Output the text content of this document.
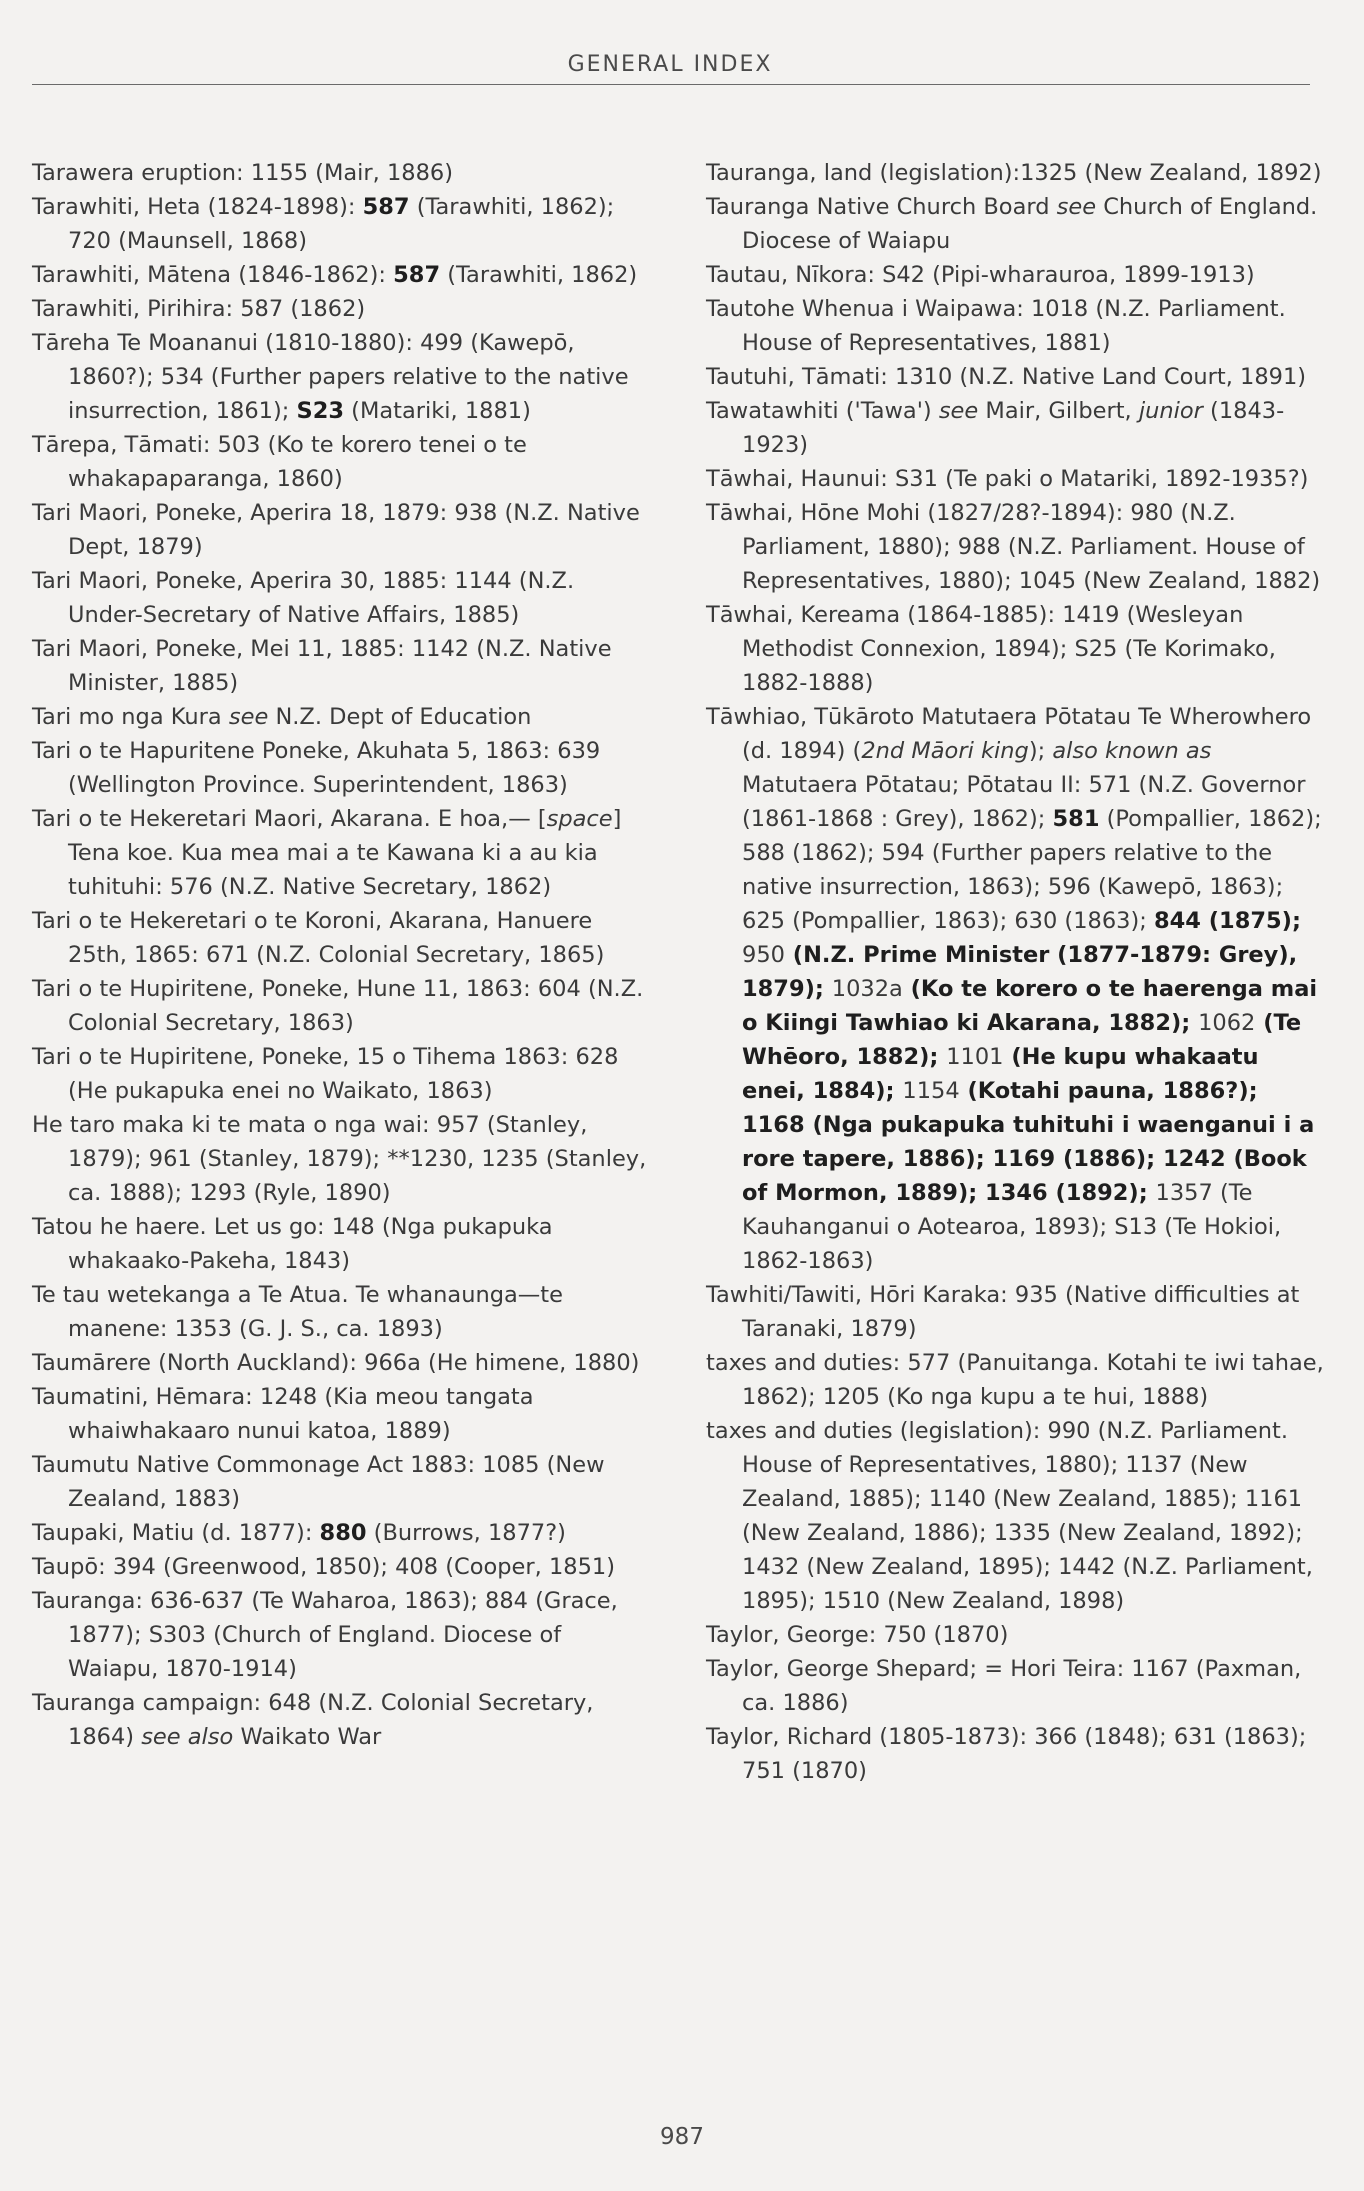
GENERAL INDEX

Tarawera eruption: 1155 (Mair, 1886)

Tarawhiti, Heta (1824-1898): 587 (Tarawhiti, 1862); 720 (Maunsell, 1868)

Tarawhiti, Mātena (1846-1862): 587 (Tarawhiti, 1862)

Tarawhiti, Pirihira: 587 (1862)

Tāreha Te Moananui (1810-1880): 499 (Kawepō, 1860?); 534 (Further papers relative to the native insurrection, 1861); S23 (Matariki, 1881)

Tārepa, Tāmati: 503 (Ko te korero tenei o te whakapaparanga, 1860)

Tari Maori, Poneke, Aperira 18, 1879: 938 (N.Z. Native Dept, 1879)

Tari Maori, Poneke, Aperira 30, 1885: 1144 (N.Z. Under-Secretary of Native Affairs, 1885)

Tari Maori, Poneke, Mei 11, 1885: 1142 (N.Z. Native Minister, 1885)

Tari mo nga Kura see N.Z. Dept of Education

Tari o te Hapuritene Poneke, Akuhata 5, 1863: 639 (Wellington Province. Superintendent, 1863)

Tari o te Hekeretari Maori, Akarana. E hoa,— [space] Tena koe. Kua mea mai a te Kawana ki a au kia tuhituhi: 576 (N.Z. Native Secretary, 1862)

Tari o te Hekeretari o te Koroni, Akarana, Hanuere 25th, 1865: 671 (N.Z. Colonial Secretary, 1865)

Tari o te Hupiritene, Poneke, Hune 11, 1863: 604 (N.Z. Colonial Secretary, 1863)

Tari o te Hupiritene, Poneke, 15 o Tihema 1863: 628 (He pukapuka enei no Waikato, 1863)

He taro maka ki te mata o nga wai: 957 (Stanley, 1879); 961 (Stanley, 1879); **1230, 1235 (Stanley, ca. 1888); 1293 (Ryle, 1890)

Tatou he haere. Let us go: 148 (Nga pukapuka whakaako-Pakeha, 1843)

Te tau wetekanga a Te Atua. Te whanaunga—te manene: 1353 (G. J. S., ca. 1893)

Taumārere (North Auckland): 966a (He himene, 1880)

Taumatini, Hēmara: 1248 (Kia meou tangata whaiwhakaaro nunui katoa, 1889)

Taumutu Native Commonage Act 1883: 1085 (New Zealand, 1883)

Taupaki, Matiu (d. 1877): 880 (Burrows, 1877?)

Taupō: 394 (Greenwood, 1850); 408 (Cooper, 1851)

Tauranga: 636-637 (Te Waharoa, 1863); 884 (Grace, 1877); S303 (Church of England. Diocese of Waiapu, 1870-1914)

Tauranga campaign: 648 (N.Z. Colonial Secretary, 1864) see also Waikato War

Tauranga, land (legislation):1325 (New Zealand, 1892)

Tauranga Native Church Board see Church of England. Diocese of Waiapu

Tautau, Nīkora: S42 (Pipi-wharauroa, 1899-1913)

Tautohe Whenua i Waipawa: 1018 (N.Z. Parliament. House of Representatives, 1881)

Tautuhi, Tāmati: 1310 (N.Z. Native Land Court, 1891)

Tawatawhiti ('Tawa') see Mair, Gilbert, junior (1843-1923)

Tāwhai, Haunui: S31 (Te paki o Matariki, 1892-1935?)

Tāwhai, Hōne Mohi (1827/28?-1894): 980 (N.Z. Parliament, 1880); 988 (N.Z. Parliament. House of Representatives, 1880); 1045 (New Zealand, 1882)

Tāwhai, Kereama (1864-1885): 1419 (Wesleyan Methodist Connexion, 1894); S25 (Te Korimako, 1882-1888)

Tāwhiao, Tūkāroto Matutaera Pōtatau Te Wherowhero (d. 1894) (2nd Māori king); also known as Matutaera Pōtatau; Pōtatau II: 571 (N.Z. Governor (1861-1868 : Grey), 1862); 581 (Pompallier, 1862); 588 (1862); 594 (Further papers relative to the native insurrection, 1863); 596 (Kawepō, 1863); 625 (Pompallier, 1863); 630 (1863); 844 (1875); 950 (N.Z. Prime Minister (1877-1879: Grey), 1879); 1032a (Ko te korero o te haerenga mai o Kiingi Tawhiao ki Akarana, 1882); 1062 (Te Whēoro, 1882); 1101 (He kupu whakaatu enei, 1884); 1154 (Kotahi pauna, 1886?); 1168 (Nga pukapuka tuhituhi i waenganui i a rore tapere, 1886); 1169 (1886); 1242 (Book of Mormon, 1889); 1346 (1892); 1357 (Te Kauhanganui o Aotearoa, 1893); S13 (Te Hokioi, 1862-1863)

Tawhiti/Tawiti, Hōri Karaka: 935 (Native difficulties at Taranaki, 1879)

taxes and duties: 577 (Panuitanga. Kotahi te iwi tahae, 1862); 1205 (Ko nga kupu a te hui, 1888)

taxes and duties (legislation): 990 (N.Z. Parliament. House of Representatives, 1880); 1137 (New Zealand, 1885); 1140 (New Zealand, 1885); 1161 (New Zealand, 1886); 1335 (New Zealand, 1892); 1432 (New Zealand, 1895); 1442 (N.Z. Parliament, 1895); 1510 (New Zealand, 1898)

Taylor, George: 750 (1870)

Taylor, George Shepard; = Hori Teira: 1167 (Paxman, ca. 1886)

Taylor, Richard (1805-1873): 366 (1848); 631 (1863); 751 (1870)

987
